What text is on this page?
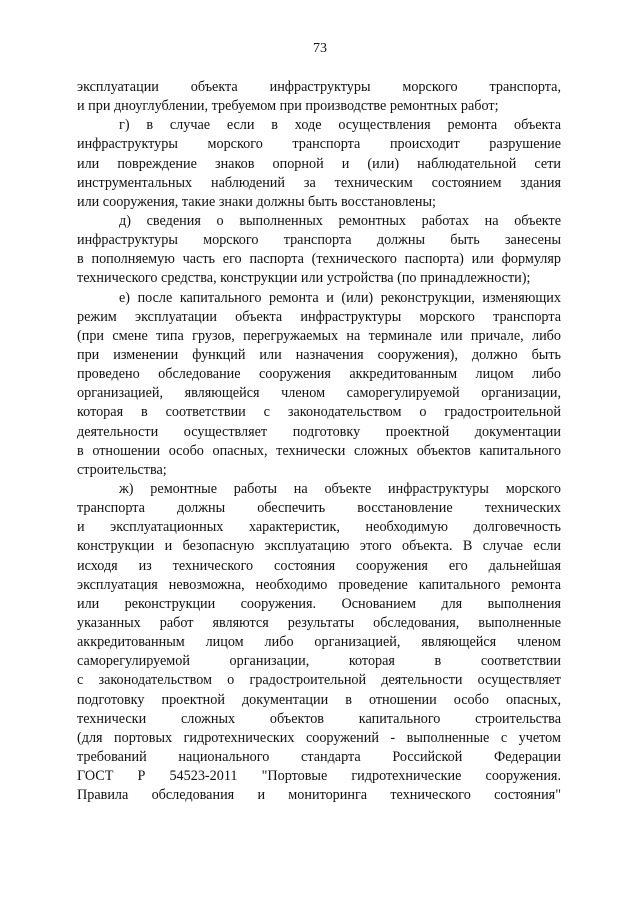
73
эксплуатации объекта инфраструктуры морского транспорта,
и при дноуглублении, требуемом при производстве ремонтных работ;
г) в случае если в ходе осуществления ремонта объекта
инфраструктуры морского транспорта происходит разрушение
или повреждение знаков опорной и (или) наблюдательной сети
инструментальных наблюдений за техническим состоянием здания
или сооружения, такие знаки должны быть восстановлены;
д) сведения о выполненных ремонтных работах на объекте
инфраструктуры морского транспорта должны быть занесены
в пополняемую часть его паспорта (технического паспорта) или формуляр
технического средства, конструкции или устройства (по принадлежности);
е) после капитального ремонта и (или) реконструкции, изменяющих
режим эксплуатации объекта инфраструктуры морского транспорта
(при смене типа грузов, перегружаемых на терминале или причале, либо
при изменении функций или назначения сооружения), должно быть
проведено обследование сооружения аккредитованным лицом либо
организацией, являющейся членом саморегулируемой организации,
которая в соответствии с законодательством о градостроительной
деятельности осуществляет подготовку проектной документации
в отношении особо опасных, технически сложных объектов капитального
строительства;
ж) ремонтные работы на объекте инфраструктуры морского
транспорта должны обеспечить восстановление технических
и эксплуатационных характеристик, необходимую долговечность
конструкции и безопасную эксплуатацию этого объекта. В случае если
исходя из технического состояния сооружения его дальнейшая
эксплуатация невозможна, необходимо проведение капитального ремонта
или реконструкции сооружения. Основанием для выполнения
указанных работ являются результаты обследования, выполненные
аккредитованным лицом либо организацией, являющейся членом
саморегулируемой организации, которая в соответствии
с законодательством о градостроительной деятельности осуществляет
подготовку проектной документации в отношении особо опасных,
технически сложных объектов капитального строительства
(для портовых гидротехнических сооружений - выполненные с учетом
требований национального стандарта Российской Федерации
ГОСТ Р 54523-2011 "Портовые гидротехнические сооружения.
Правила обследования и мониторинга технического состояния"
